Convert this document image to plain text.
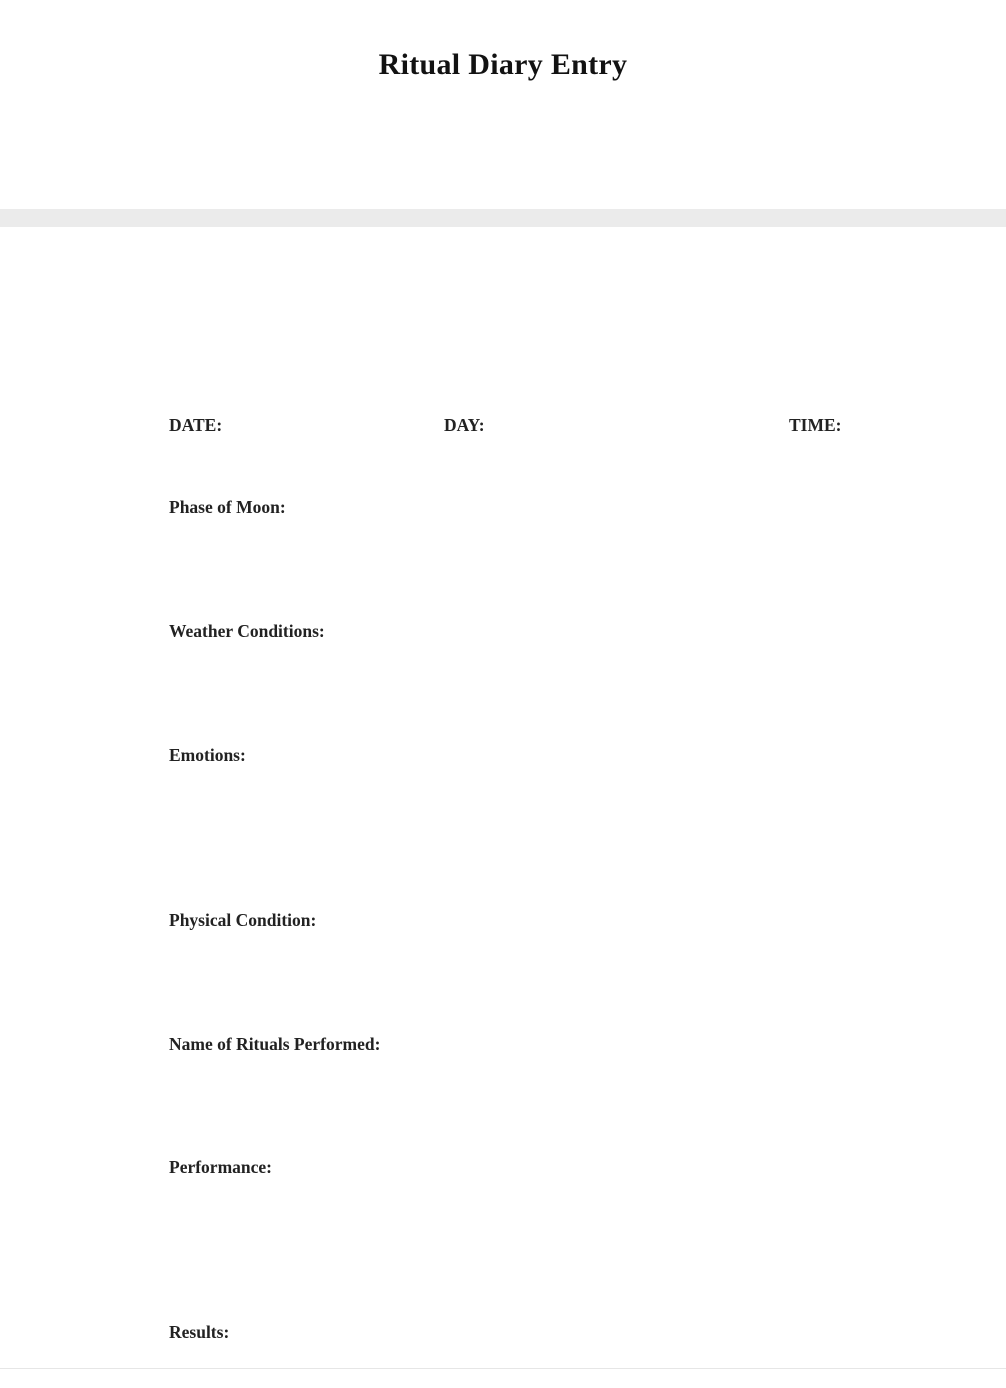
Ritual Diary Entry
DATE:	DAY:	TIME:
Phase of Moon:
Weather Conditions:
Emotions:
Physical Condition:
Name of Rituals Performed:
Performance:
Results:
